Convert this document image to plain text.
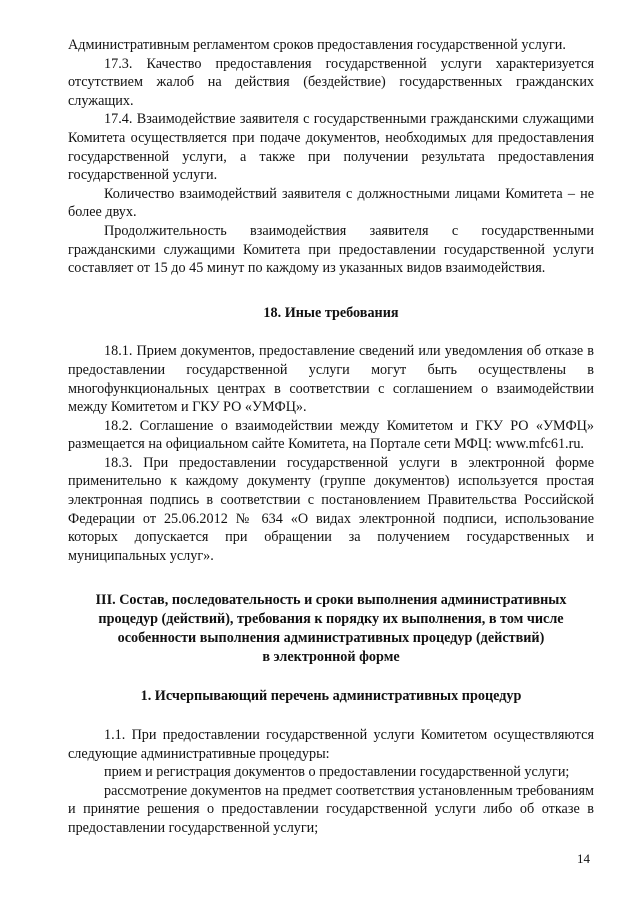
Административным регламентом сроков предоставления государственной услуги.

17.3. Качество предоставления государственной услуги характеризуется отсутствием жалоб на действия (бездействие) государственных гражданских служащих.

17.4. Взаимодействие заявителя с государственными гражданскими служащими Комитета осуществляется при подаче документов, необходимых для предоставления государственной услуги, а также при получении результата предоставления государственной услуги.

Количество взаимодействий заявителя с должностными лицами Комитета – не более двух.

Продолжительность взаимодействия заявителя с государственными гражданскими служащими Комитета при предоставлении государственной услуги составляет от 15 до 45 минут по каждому из указанных видов взаимодействия.

18. Иные требования

18.1. Прием документов, предоставление сведений или уведомления об отказе в предоставлении государственной услуги могут быть осуществлены в многофункциональных центрах в соответствии с соглашением о взаимодействии между Комитетом и ГКУ РО «УМФЦ».

18.2. Соглашение о взаимодействии между Комитетом и ГКУ РО «УМФЦ» размещается на официальном сайте Комитета, на Портале сети МФЦ: www.mfc61.ru.

18.3. При предоставлении государственной услуги в электронной форме применительно к каждому документу (группе документов) используется простая электронная подпись в соответствии с постановлением Правительства Российской Федерации от 25.06.2012 № 634 «О видах электронной подписи, использование которых допускается при обращении за получением государственных и муниципальных услуг».

III. Состав, последовательность и сроки выполнения административных
процедур (действий), требования к порядку их выполнения, в том числе
особенности выполнения административных процедур (действий)
в электронной форме

1. Исчерпывающий перечень административных процедур

1.1. При предоставлении государственной услуги Комитетом осуществляются следующие административные процедуры:

прием и регистрация документов о предоставлении государственной услуги;

рассмотрение документов на предмет соответствия установленным требованиям и принятие решения о предоставлении государственной услуги либо об отказе в предоставлении государственной услуги;

14
